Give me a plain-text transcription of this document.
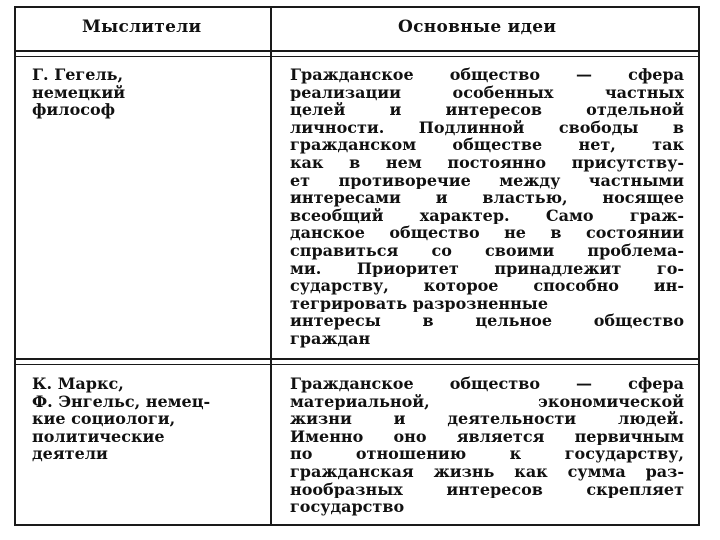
Мыслители	Основные идеи
Г. Гегель,
немецкий
философ
Гражданское общество — сфера
реализации особенных частных
целей и интересов отдельной
личности. Подлинной свободы в
гражданском обществе нет, так
как в нем постоянно присутству-
ет противоречие между частными
интересами и властью, носящее
всеобщий характер. Само граж-
данское общество не в состоянии
справиться со своими проблема-
ми. Приоритет принадлежит го-
сударству, которое способно ин-
тегрировать разрозненные
интересы в цельное общество
граждан
К. Маркс,
Ф. Энгельс, немец-
кие социологи,
политические
деятели
Гражданское общество — сфера
материальной, экономической
жизни и деятельности людей.
Именно оно является первичным
по отношению к государству,
гражданская жизнь как сумма раз-
нообразных интересов скрепляет
государство
